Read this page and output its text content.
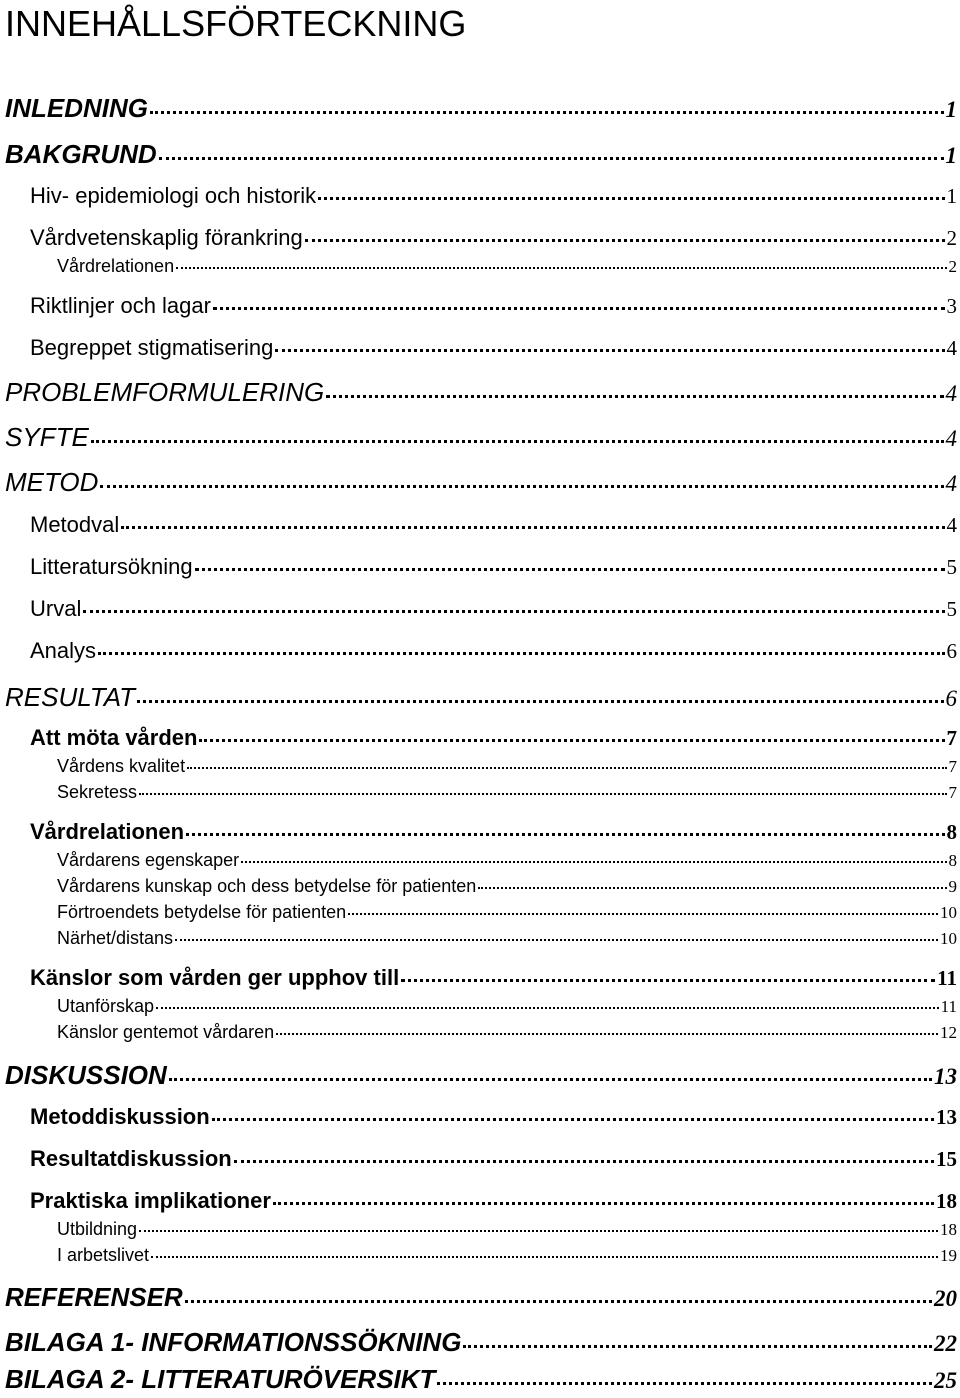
INNEHÅLLSFÖRTECKNING
INLEDNING	1
BAKGRUND	1
Hiv- epidemiologi och historik	1
Vårdvetenskaplig förankring	2
Vårdrelationen	2
Riktlinjer och lagar	3
Begreppet stigmatisering	4
PROBLEMFORMULERING	4
SYFTE	4
METOD	4
Metodval	4
Litteratursökning	5
Urval	5
Analys	6
RESULTAT	6
Att möta vården	7
Vårdens kvalitet	7
Sekretess	7
Vårdrelationen	8
Vårdarens egenskaper	8
Vårdarens kunskap och dess betydelse för patienten	9
Förtroendets betydelse för patienten	10
Närhet/distans	10
Känslor som vården ger upphov till	11
Utanförskap	11
Känslor gentemot vårdaren	12
DISKUSSION	13
Metoddiskussion	13
Resultatdiskussion	15
Praktiska implikationer	18
Utbildning	18
I arbetslivet	19
REFERENSER	20
BILAGA 1- INFORMATIONSSÖKNING	22
BILAGA 2- LITTERATURÖVERSIKT	25
